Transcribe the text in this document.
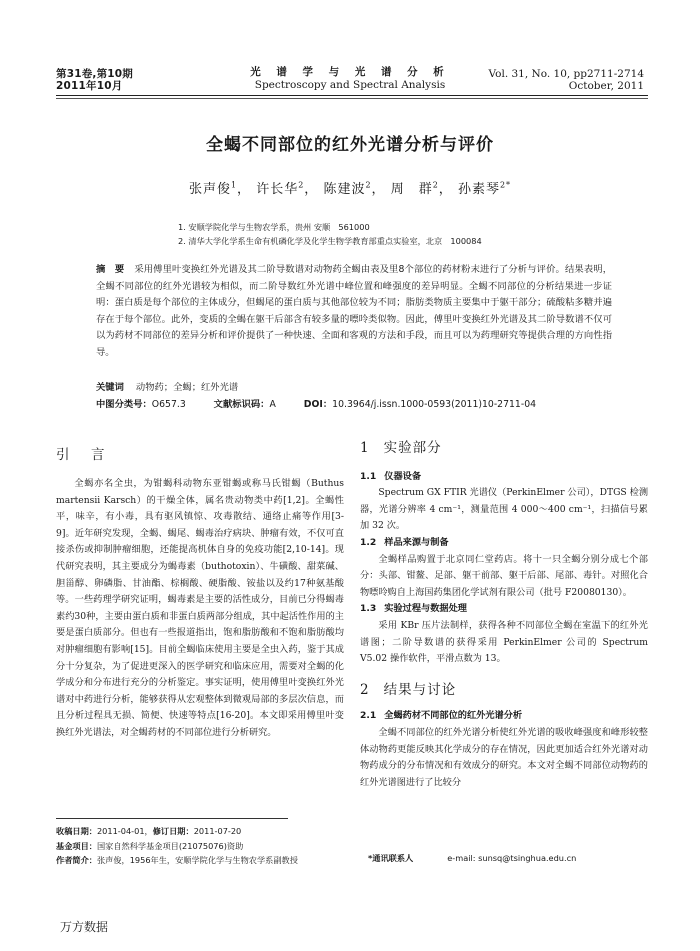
第31卷,第10期
2011年10月
光 谱 学 与 光 谱 分 析
Spectroscopy and Spectral Analysis
Vol. 31, No. 10, pp2711-2714
October, 2011
全蝎不同部位的红外光谱分析与评价
张声俊$^1$， 许长华$^2$， 陈建波$^2$， 周　群$^2$， 孙素琴$^{2*}$
1. 安顺学院化学与生物农学系，贵州 安顺　561000
2. 清华大学化学系生命有机磷化学及化学生物学教育部重点实验室，北京　100084
摘　要 采用傅里叶变换红外光谱及其二阶导数谱对动物药全蝎由表及里8个部位的药材粉末进行了分析与评价。结果表明，全蝎不同部位的红外光谱较为相似，而二阶导数红外光谱中峰位置和峰强度的差异明显。全蝎不同部位的分析结果进一步证明：蛋白质是每个部位的主体成分，但蝎尾的蛋白质与其他部位较为不同；脂肪类物质主要集中于躯干部分；硫酸粘多糖并遍存在于每个部位。此外，变质的全蝎在躯干后部含有较多量的嘌呤类似物。因此，傅里叶变换红外光谱及其二阶导数谱不仅可以为药材不同部位的差异分析和评价提供了一种快速、全面和客观的方法和手段，而且可以为药理研究等提供合理的方向性指导。
关键词 动物药；全蝎；红外光谱
中图分类号：O657.3	文献标识码：A	DOI：10.3964/j.issn.1000-0593(2011)10-2711-04
引　言

全蝎亦名全虫，为钳蝎科动物东亚钳蝎或称马氏钳蝎（Buthus martensii Karsch）的干燥全体，属名贵动物类中药[1,2]。全蝎性平，味辛，有小毒，具有驱风镇惊、攻毒散结、通络止痛等作用[3-9]。近年研究发现，全蝎、蝎尾、蝎毒治疗病块、肿瘤有效，不仅可直接杀伤或抑制肿瘤细胞，还能提高机体自身的免疫功能[2,10-14]。现代研究表明，其主要成分为蝎毒素（buthotoxin）、牛磺酸、甜菜碱、胆甾醇、卵磷脂、甘油酯、棕榈酸、硬脂酸、铵盐以及约17种氨基酸等。一些药理学研究证明，蝎毒素是主要的活性成分，目前已分得蝎毒素约30种，主要由蛋白质和非蛋白质两部分组成，其中起活性作用的主要是蛋白质部分。但也有一些报道指出，饱和脂肪酸和不饱和脂肪酸均对肿瘤细胞有影响[15]。目前全蝎临床使用主要是全虫入药，鉴于其成分十分复杂，为了促进更深入的医学研究和临床应用，需要对全蝎的化学成分和分布进行充分的分析鉴定。事实证明，使用傅里叶变换红外光谱对中药进行分析，能够获得从宏观整体到微观局部的多层次信息，而且分析过程具无损、简便、快速等特点[16-20]。本文即采用傅里叶变换红外光谱法，对全蝎药材的不同部位进行分析研究。

1 实验部分
1.1 仪器设备

Spectrum GX FTIR 光谱仪（PerkinElmer 公司），DTGS 检测器，光谱分辨率 4 cm⁻¹，测量范围 4 000～400 cm⁻¹，扫描信号累加 32 次。

1.2 样品来源与制备

全蝎样品购置于北京同仁堂药店。将十一只全蝎分别分成七个部分：头部、钳鳌、足部、躯干前部、躯干后部、尾部、毒针。对照化合物嘌呤购自上海国药集团化学试剂有限公司（批号 F20080130）。

1.3 实验过程与数据处理

采用 KBr 压片法制样，获得各种不同部位全蝎在室温下的红外光谱图；二阶导数谱的获得采用 PerkinElmer 公司的 Spectrum V5.02 操作软件，平滑点数为 13。

2 结果与讨论
2.1 全蝎药材不同部位的红外光谱分析

全蝎不同部位的红外光谱分析使红外光谱的吸收峰强度和峰形较整体动物药更能反映其化学成分的存在情况，因此更加适合红外光谱对动物药成分的分布情况和有效成分的研究。本文对全蝎不同部位动物药的红外光谱图进行了比较分

收稿日期：2011-04-01，修订日期：2011-07-20
基金项目：国家自然科学基金项目(21075076)资助
作者简介：张声俊，1956年生，安顺学院化学与生物农学系副教授	*通讯联系人	e-mail: sunsq@tsinghua.edu.cn
万方数据
